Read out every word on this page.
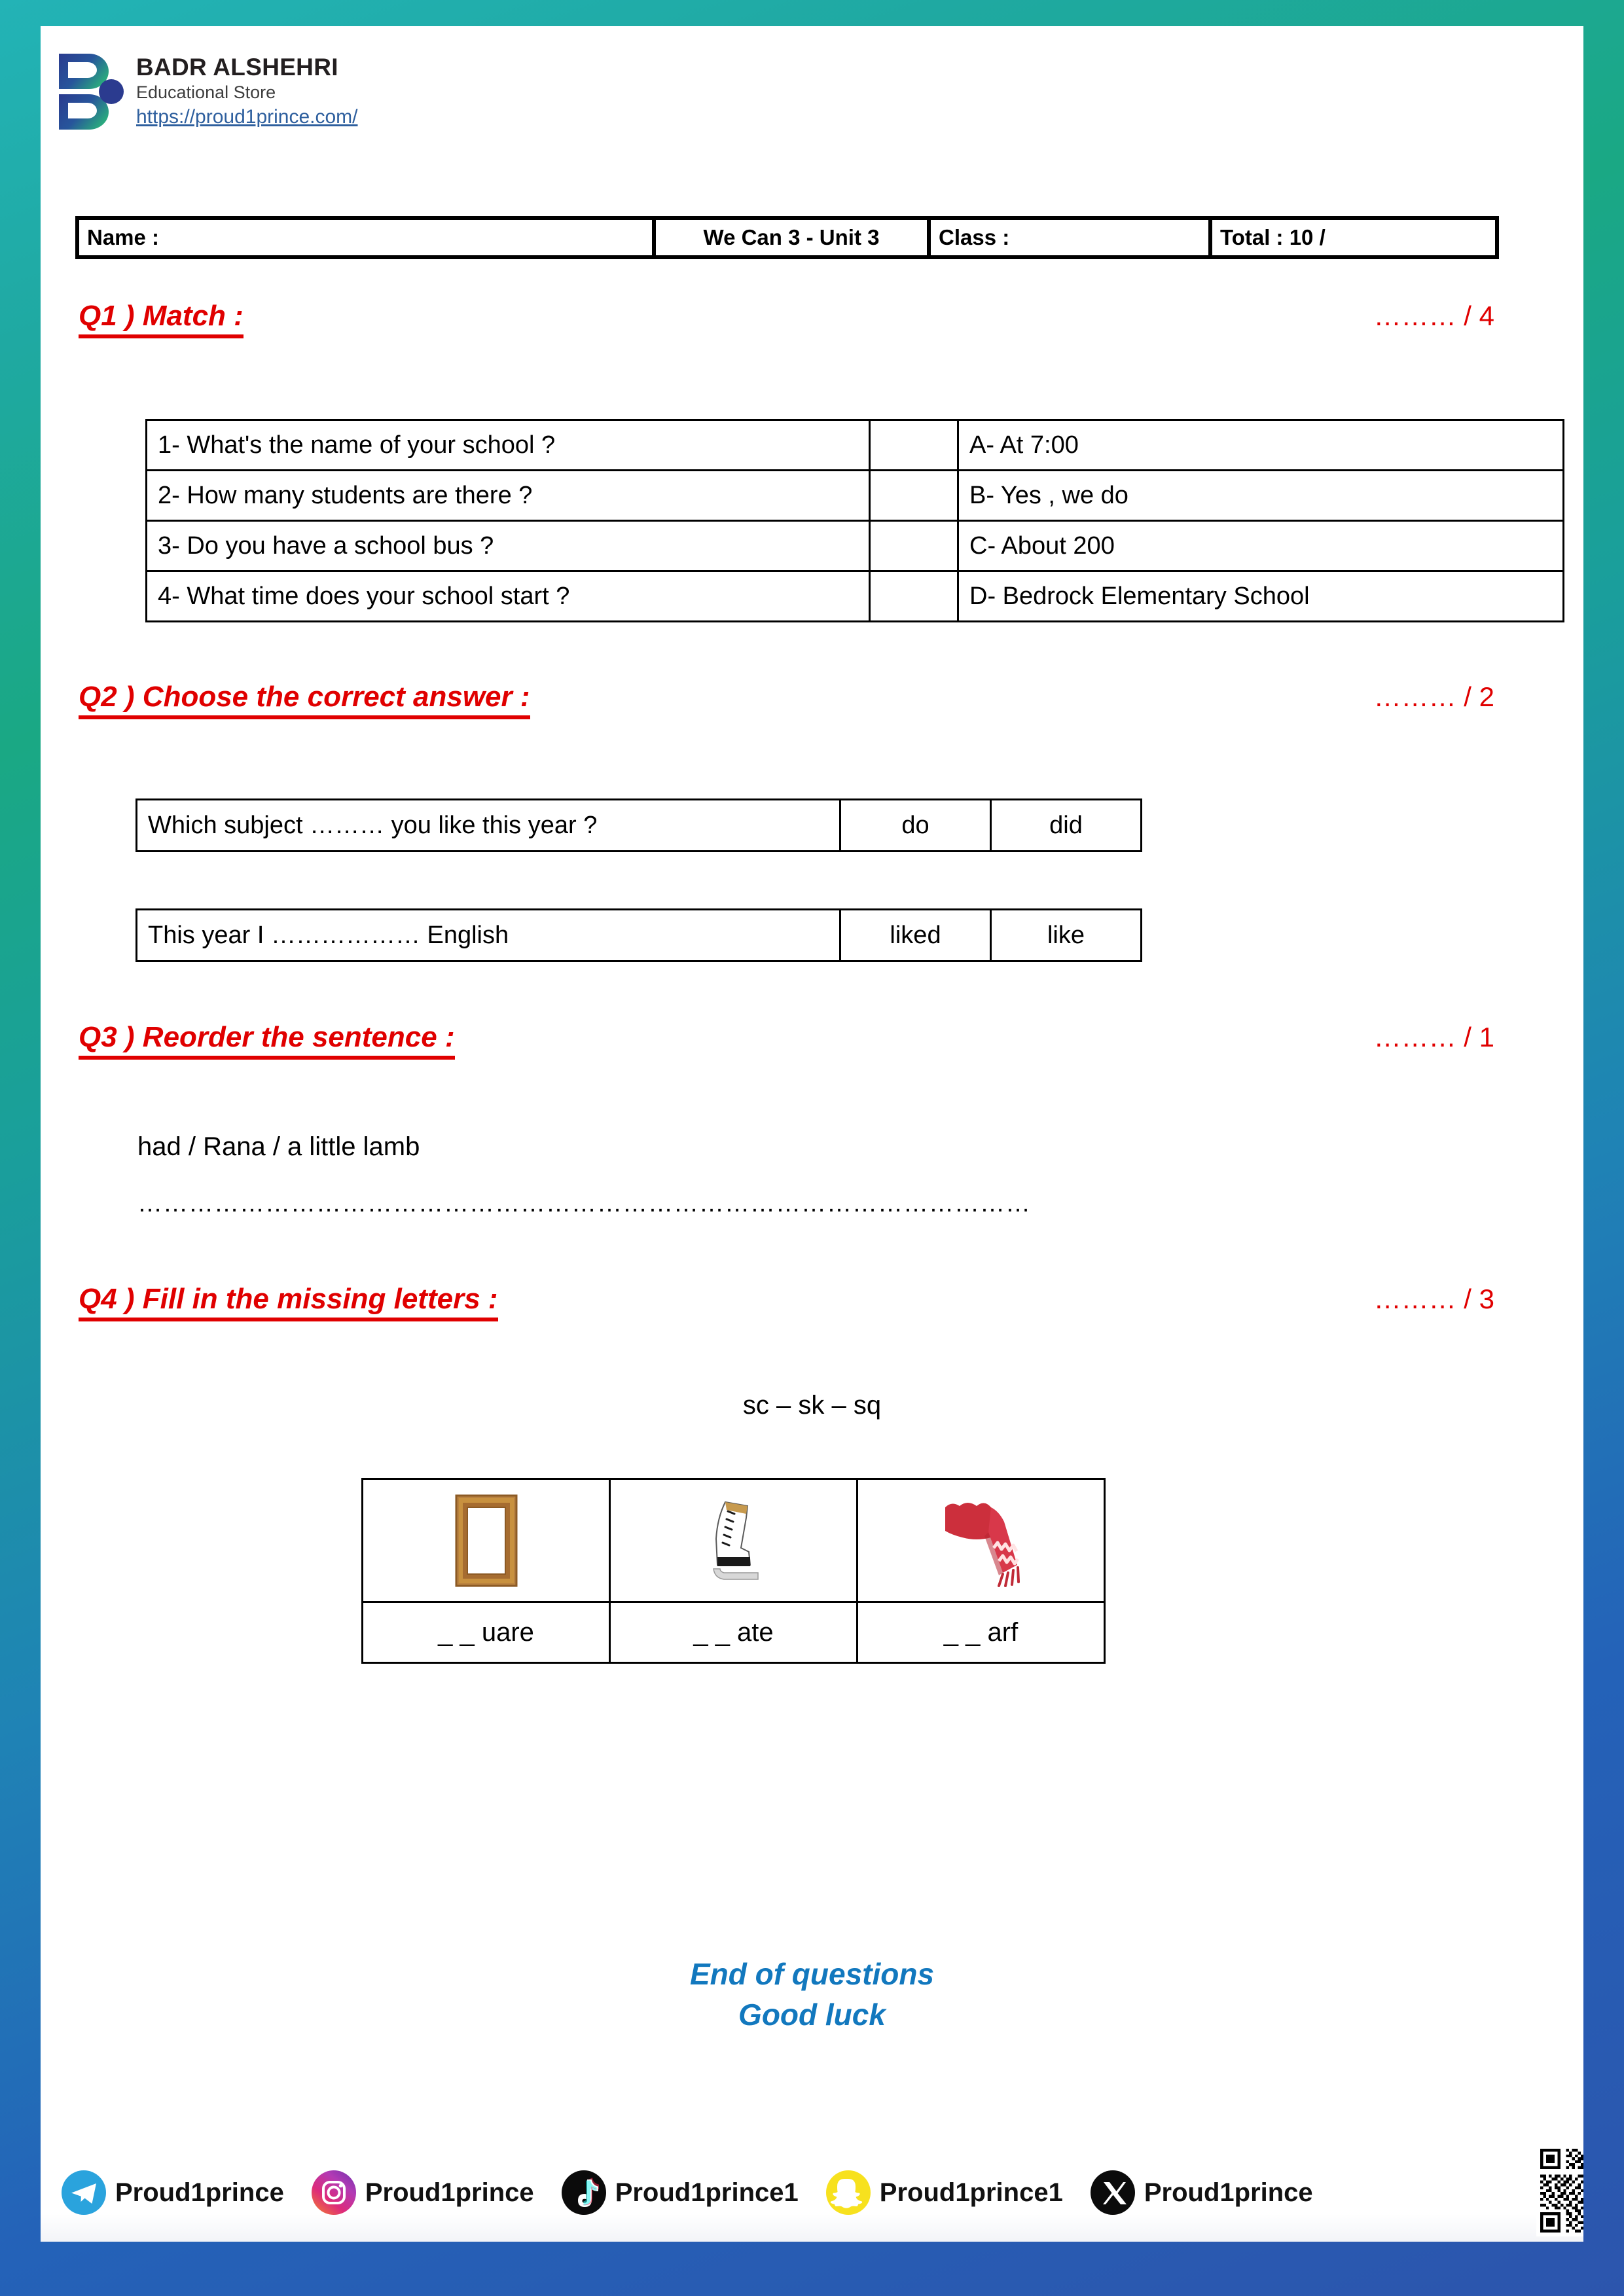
BADR ALSHEHRI
Educational Store
https://proud1prince.com/
Name :	We Can 3 - Unit 3	Class :	Total : 10 /
Q1 ) Match :	……… / 4
1- What's the name of your school ?		A- At 7:00
2- How many students are there ?		B- Yes , we do
3- Do you have a school bus ?		C- About 200
4- What time does your school start ?		D- Bedrock Elementary School
Q2 ) Choose the correct answer :	……… / 2
Which subject ……… you like this year ?	do	did
This year I ……………… English	liked	like
Q3 ) Reorder the sentence :	……… / 1
had / Rana / a little lamb
……………………………………………………………………………………………
Q4 ) Fill in the missing letters :	……… / 3
sc – sk – sq

_ _ uare	_ _ ate	_ _ arf
End of questions
Good luck
Proud1prince	Proud1prince	Proud1prince1	Proud1prince1	Proud1prince
